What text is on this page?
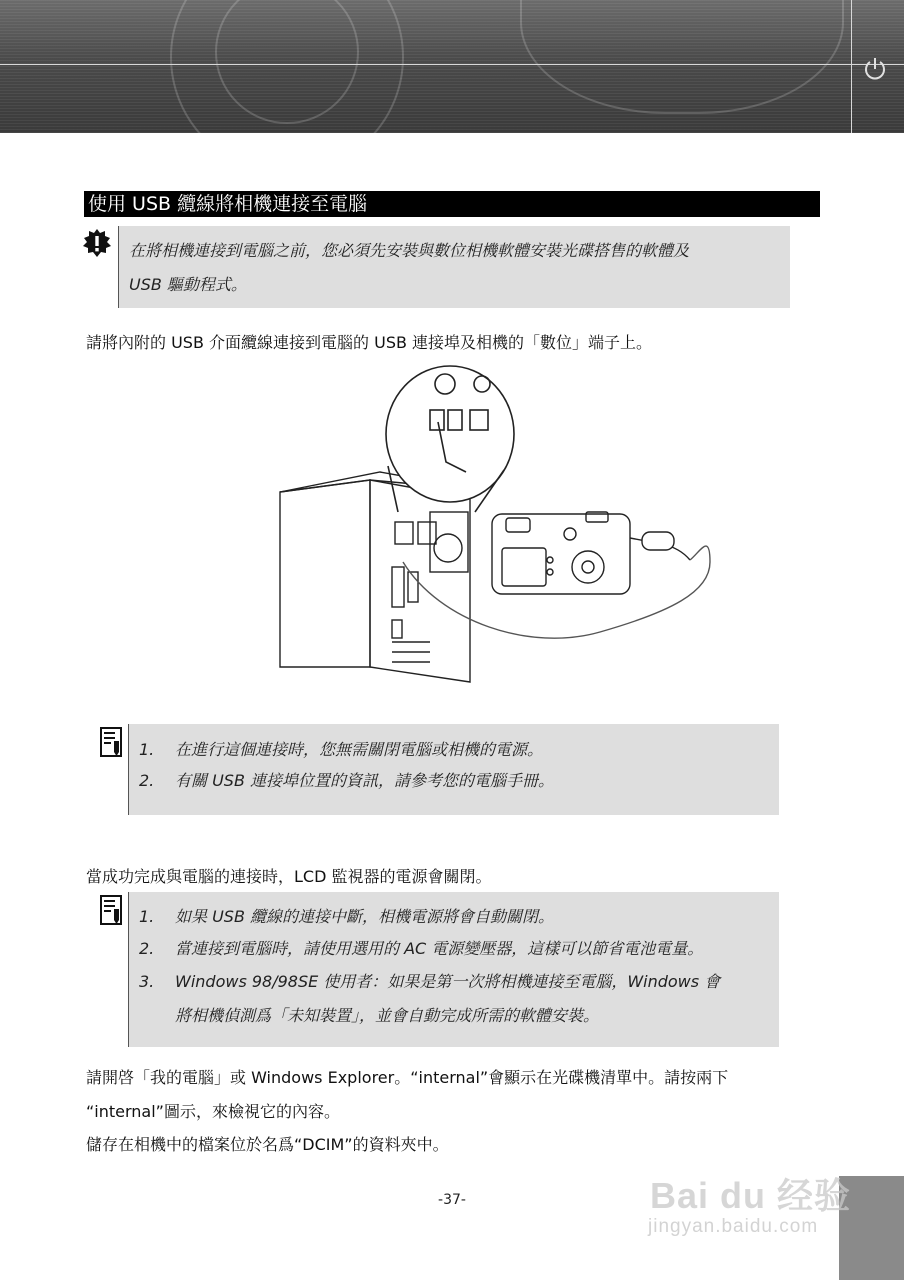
使用 USB 纜線將相機連接至電腦
在將相機連接到電腦之前，您必須先安裝與數位相機軟體安裝光碟搭售的軟體及
USB 驅動程式。
請將內附的 USB 介面纜線連接到電腦的 USB 連接埠及相機的「數位」端子上。
1. 在進行這個連接時，您無需關閉電腦或相機的電源。
2. 有關 USB 連接埠位置的資訊，請參考您的電腦手冊。
當成功完成與電腦的連接時，LCD 監視器的電源會關閉。
1. 如果 USB 纜線的連接中斷，相機電源將會自動關閉。
2. 當連接到電腦時，請使用選用的 AC 電源變壓器，這樣可以節省電池電量。
3. Windows 98/98SE 使用者：如果是第一次將相機連接至電腦，Windows 會
將相機偵測爲「未知裝置」，並會自動完成所需的軟體安裝。
請開啓「我的電腦」或 Windows Explorer。“internal”會顯示在光碟機清單中。請按兩下
“internal”圖示，來檢視它的內容。
儲存在相機中的檔案位於名爲“DCIM”的資料夾中。
-37-	Bai du 经验
jingyan.baidu.com
